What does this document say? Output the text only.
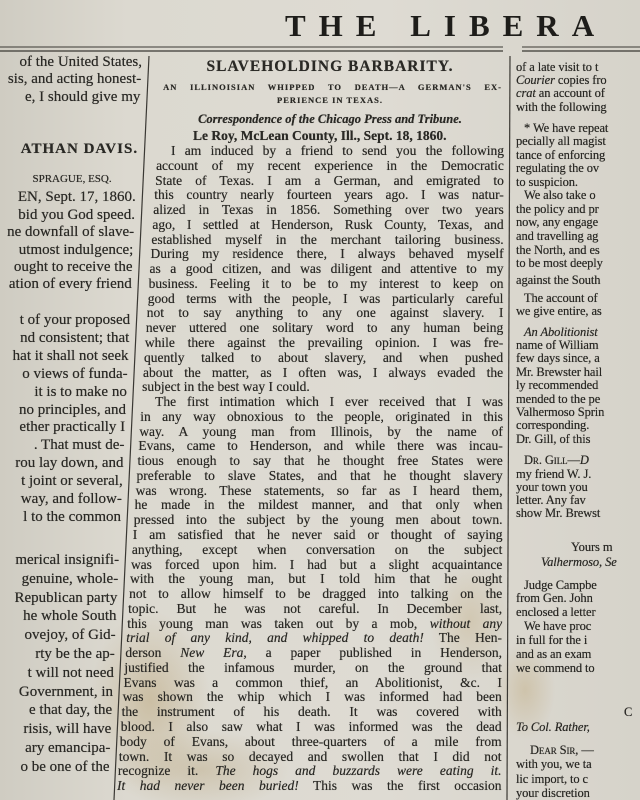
THE LIBERA
of the United States,
sis, and acting honest-
e, I should give my
ATHAN DAVIS.
SPRAGUE, ESQ.
EN, Sept. 17, 1860.
bid you God speed.
ne downfall of slave-
utmost indulgence;
ought to receive the
ation of every friend
t of your proposed
nd consistent; that
hat it shall not seek
o views of funda-
it is to make no
no principles, and
ether practically I
. That must de-
rou lay down, and
t joint or several,
way, and follow-
l to the common
merical insignifi-
genuine, whole-
Republican party
he whole South
ovejoy, of Gid-
rty be the ap-
t will not need
Government, in
e that day, the
risis, will have
ary emancipa-
o be one of the
SLAVEHOLDING BARBARITY.
AN ILLINOISIAN WHIPPED TO DEATH—A GERMAN'S EX-
PERIENCE IN TEXAS.
Correspondence of the Chicago Press and Tribune.
Le Roy, McLean County, Ill., Sept. 18, 1860.
I am induced by a friend to send you the following
account of my recent experience in the Democratic
State of Texas. I am a German, and emigrated to
this country nearly fourteen years ago. I was natur-
alized in Texas in 1856. Something over two years
ago, I settled at Henderson, Rusk County, Texas, and
established myself in the merchant tailoring business.
During my residence there, I always behaved myself
as a good citizen, and was diligent and attentive to my
business. Feeling it to be to my interest to keep on
good terms with the people, I was particularly careful
not to say anything to any one against slavery. I
never uttered one solitary word to any human being
while there against the prevailing opinion. I was fre-
quently talked to about slavery, and when pushed
about the matter, as I often was, I always evaded the
subject in the best way I could.
The first intimation which I ever received that I was
in any way obnoxious to the people, originated in this
way. A young man from Illinois, by the name of
Evans, came to Henderson, and while there was incau-
tious enough to say that he thought free States were
preferable to slave States, and that he thought slavery
was wrong. These statements, so far as I heard them,
he made in the mildest manner, and that only when
pressed into the subject by the young men about town.
I am satisfied that he never said or thought of saying
anything, except when conversation on the subject
was forced upon him. I had but a slight acquaintance
with the young man, but I told him that he ought
not to allow himself to be dragged into talking on the
topic. But he was not careful. In December last,
this young man was taken out by a mob, without any
trial of any kind, and whipped to death! The Hen-
derson New Era, a paper published in Henderson,
justified the infamous murder, on the ground that
Evans was a common thief, an Abolitionist, &c. I
was shown the whip which I was informed had been
the instrument of his death. It was covered with
blood. I also saw what I was informed was the dead
body of Evans, about three-quarters of a mile from
town. It was so decayed and swollen that I did not
recognize it. The hogs and buzzards were eating it.
It had never been buried! This was the first occasion
of a late visit to t
Courier copies fro
crat an account of
with the following
* We have repeat
pecially all magist
tance of enforcing
regulating the ov
to suspicion.
We also take o
the policy and pr
now, any engage
and travelling ag
the North, and es
to be most deeply
against the South
The account of
we give entire, as
An Abolitionist
name of William
few days since, a
Mr. Brewster hail
ly recommended
mended to the pe
Valhermoso Sprin
corresponding.
Dr. Gill, of this
Dr. Gill—D
my friend W. J.
your town you
letter. Any fav
show Mr. Brewst
Yours m
Valhermoso, Se
Judge Campbe
from Gen. John
enclosed a letter
We have proc
in full for the i
and as an exam
we commend to
C
To Col. Rather,
Dear Sir, —
with you, we ta
lic import, to c
your discretion
